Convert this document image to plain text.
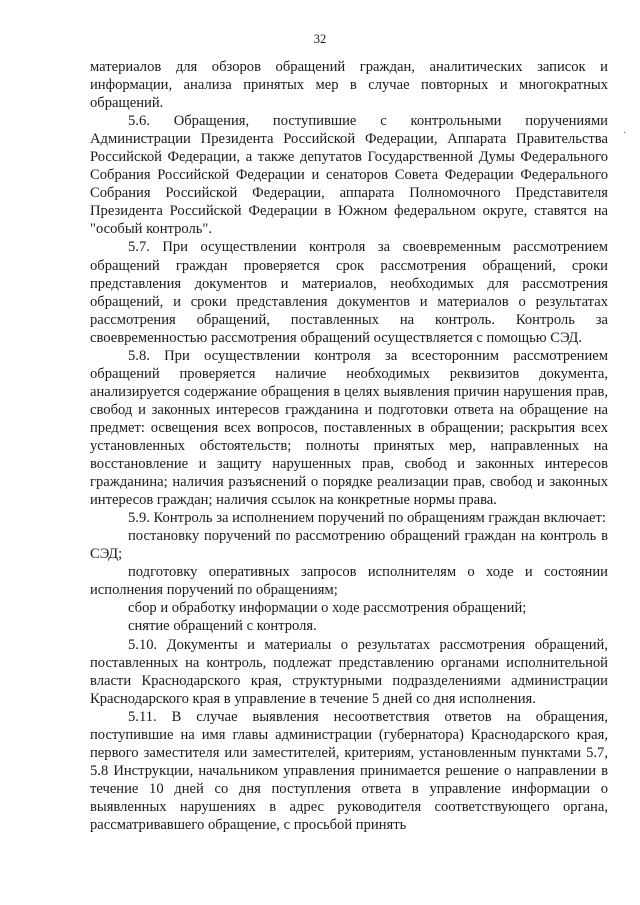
32

материалов для обзоров обращений граждан, аналитических записок и информации, анализа принятых мер в случае повторных и многократных обращений.

5.6. Обращения, поступившие с контрольными поручениями Администрации Президента Российской Федерации, Аппарата Правительства Российской Федерации, а также депутатов Государственной Думы Федерального Собрания Российской Федерации и сенаторов Совета Федерации Федерального Собрания Российской Федерации, аппарата Полномочного Представителя Президента Российской Федерации в Южном федеральном округе, ставятся на "особый контроль".

5.7. При осуществлении контроля за своевременным рассмотрением обращений граждан проверяется срок рассмотрения обращений, сроки представления документов и материалов, необходимых для рассмотрения обращений, и сроки представления документов и материалов о результатах рассмотрения обращений, поставленных на контроль. Контроль за своевременностью рассмотрения обращений осуществляется с помощью СЭД.

5.8. При осуществлении контроля за всесторонним рассмотрением обращений проверяется наличие необходимых реквизитов документа, анализируется содержание обращения в целях выявления причин нарушения прав, свобод и законных интересов гражданина и подготовки ответа на обращение на предмет: освещения всех вопросов, поставленных в обращении; раскрытия всех установленных обстоятельств; полноты принятых мер, направленных на восстановление и защиту нарушенных прав, свобод и законных интересов гражданина; наличия разъяснений о порядке реализации прав, свобод и законных интересов граждан; наличия ссылок на конкретные нормы права.

5.9. Контроль за исполнением поручений по обращениям граждан включает:

постановку поручений по рассмотрению обращений граждан на контроль в СЭД;

подготовку оперативных запросов исполнителям о ходе и состоянии исполнения поручений по обращениям;

сбор и обработку информации о ходе рассмотрения обращений;

снятие обращений с контроля.

5.10. Документы и материалы о результатах рассмотрения обращений, поставленных на контроль, подлежат представлению органами исполнительной власти Краснодарского края, структурными подразделениями администрации Краснодарского края в управление в течение 5 дней со дня исполнения.

5.11. В случае выявления несоответствия ответов на обращения, поступившие на имя главы администрации (губернатора) Краснодарского края, первого заместителя или заместителей, критериям, установленным пунктами 5.7, 5.8 Инструкции, начальником управления принимается решение о направлении в течение 10 дней со дня поступления ответа в управление информации о выявленных нарушениях в адрес руководителя соответствующего органа, рассматривавшего обращение, с просьбой принять

·
